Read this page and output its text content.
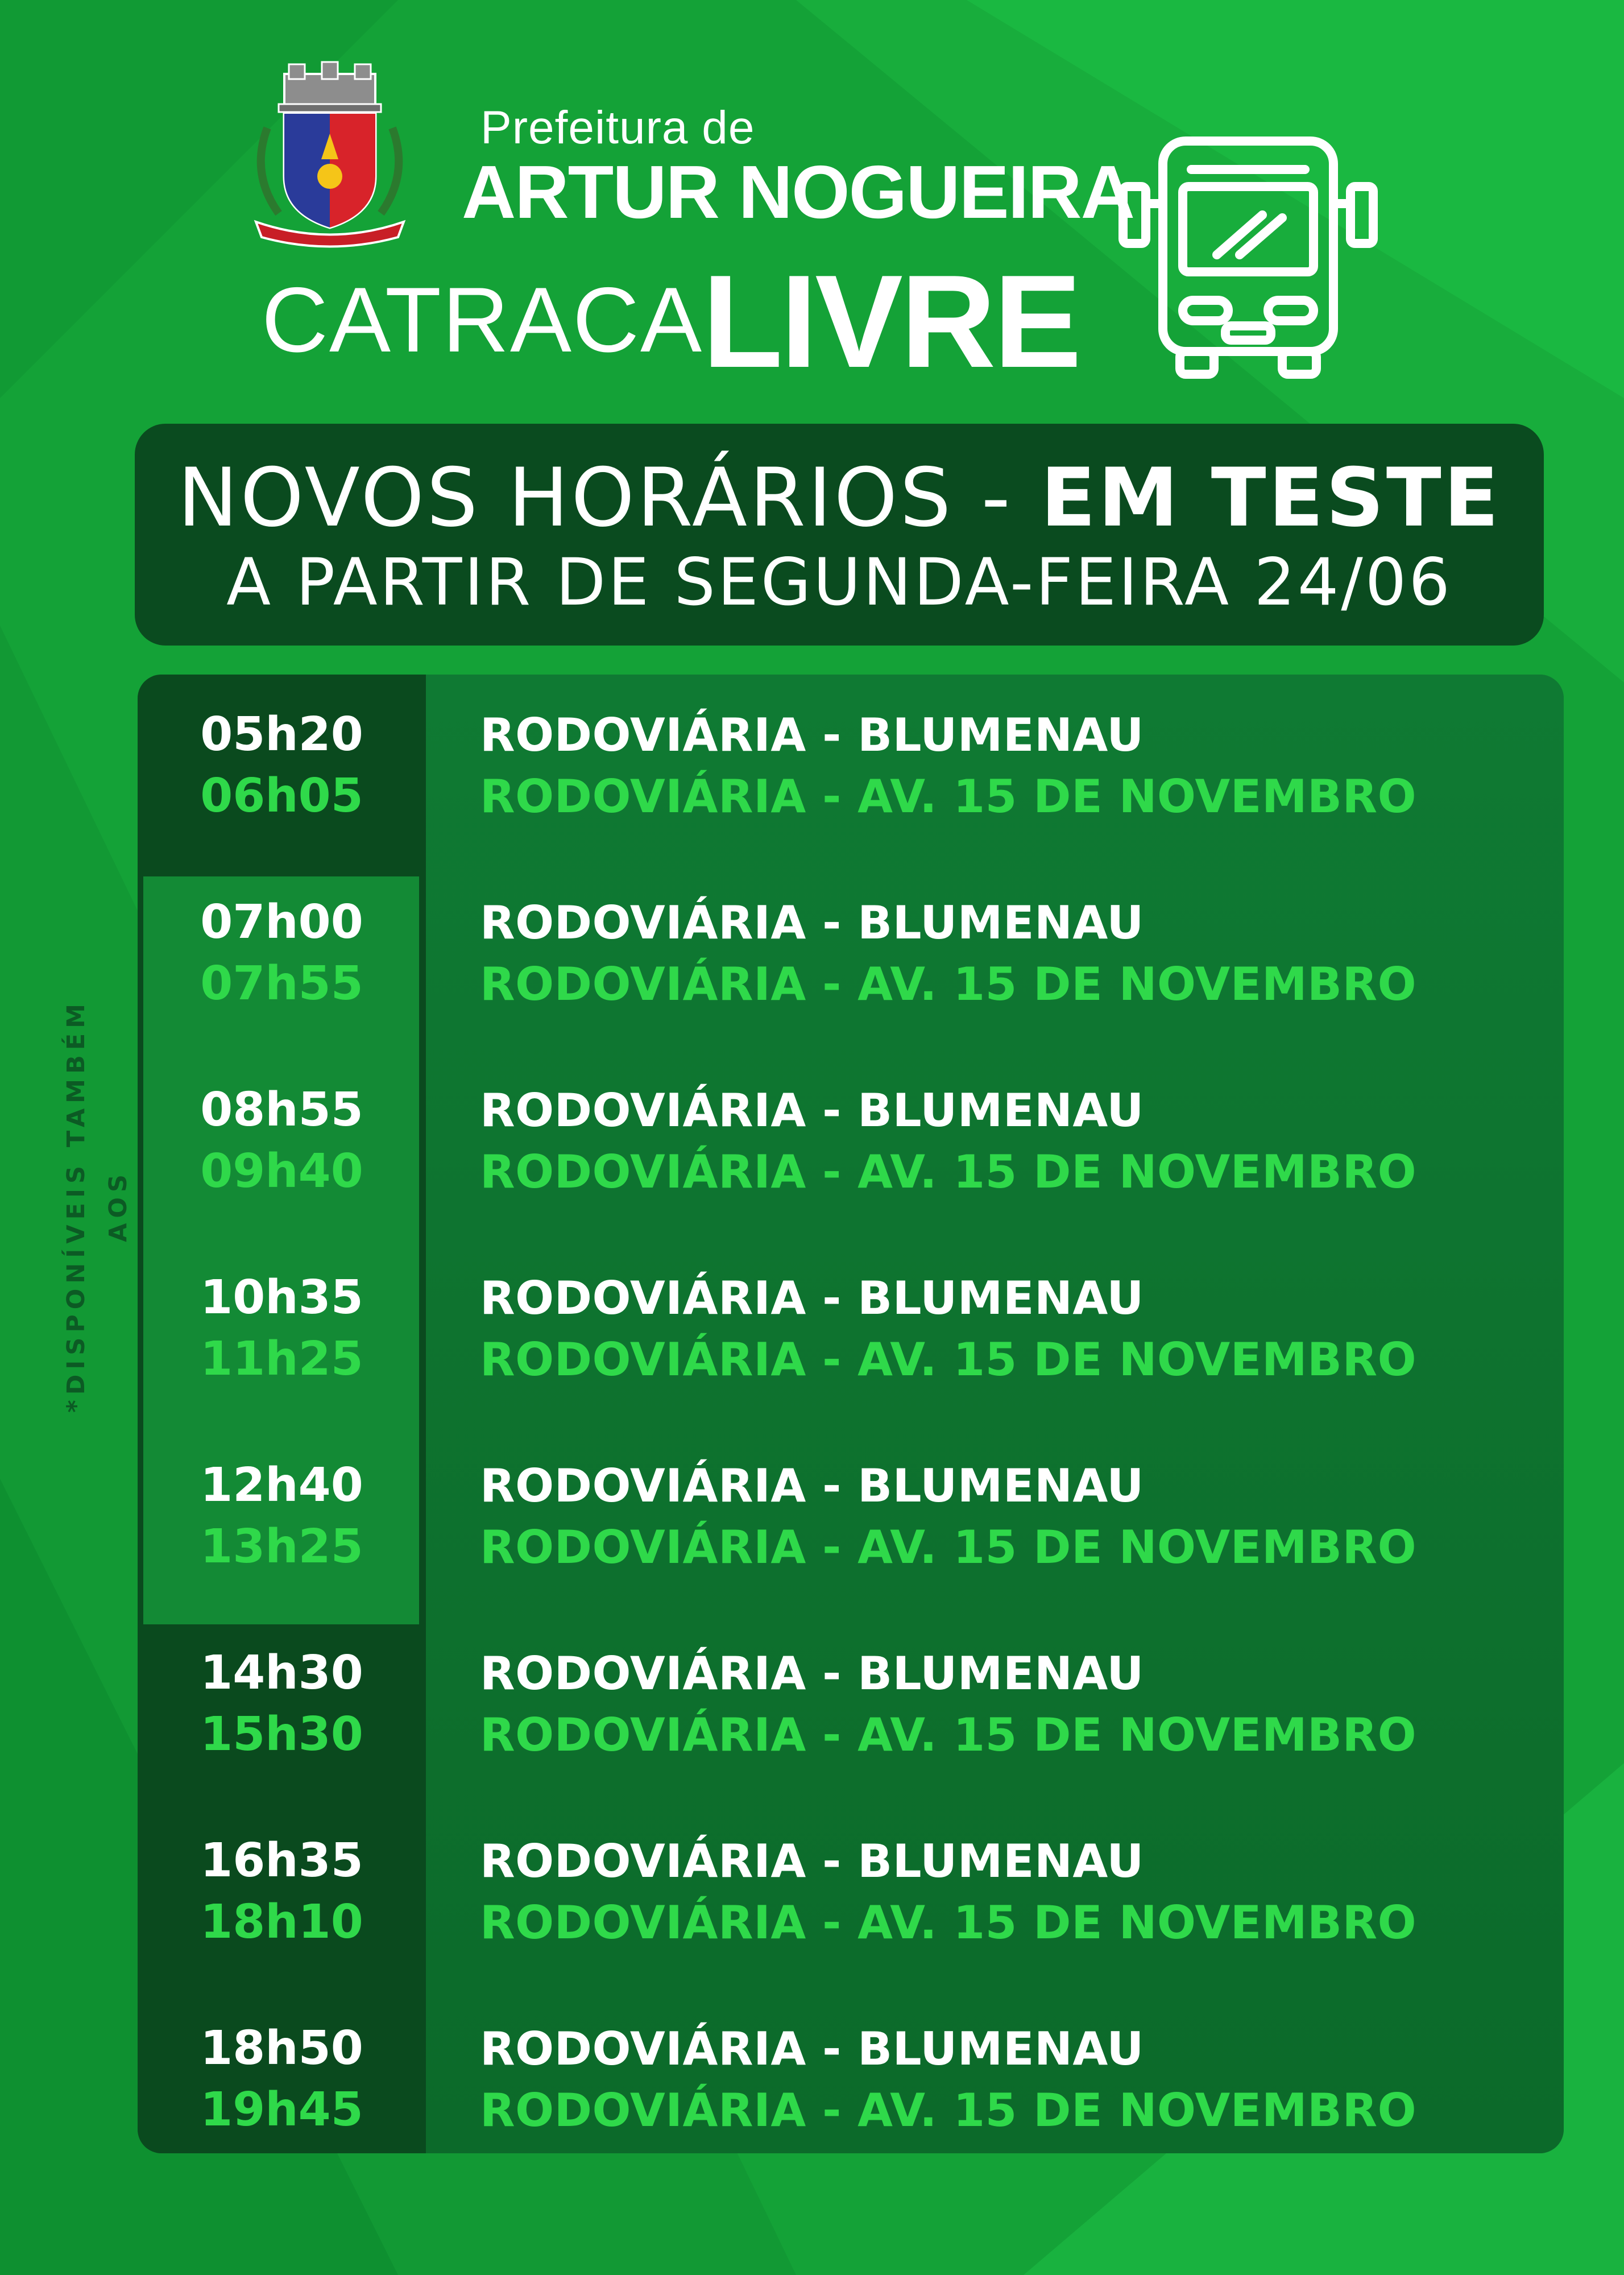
Prefeitura de
ARTUR NOGUEIRA
CATRACA
LIVRE
NOVOS HORÁRIOS - EM TESTE
A PARTIR DE SEGUNDA-FEIRA 24/06
*DISPONÍVEIS TAMBÉM AOS
05h20
06h05
RODOVIÁRIA - BLUMENAU
RODOVIÁRIA - AV. 15 DE NOVEMBRO
07h00
07h55
RODOVIÁRIA - BLUMENAU
RODOVIÁRIA - AV. 15 DE NOVEMBRO
08h55
09h40
RODOVIÁRIA - BLUMENAU
RODOVIÁRIA - AV. 15 DE NOVEMBRO
10h35
11h25
RODOVIÁRIA - BLUMENAU
RODOVIÁRIA - AV. 15 DE NOVEMBRO
12h40
13h25
RODOVIÁRIA - BLUMENAU
RODOVIÁRIA - AV. 15 DE NOVEMBRO
14h30
15h30
RODOVIÁRIA - BLUMENAU
RODOVIÁRIA - AV. 15 DE NOVEMBRO
16h35
18h10
RODOVIÁRIA - BLUMENAU
RODOVIÁRIA - AV. 15 DE NOVEMBRO
18h50
19h45
RODOVIÁRIA - BLUMENAU
RODOVIÁRIA - AV. 15 DE NOVEMBRO
